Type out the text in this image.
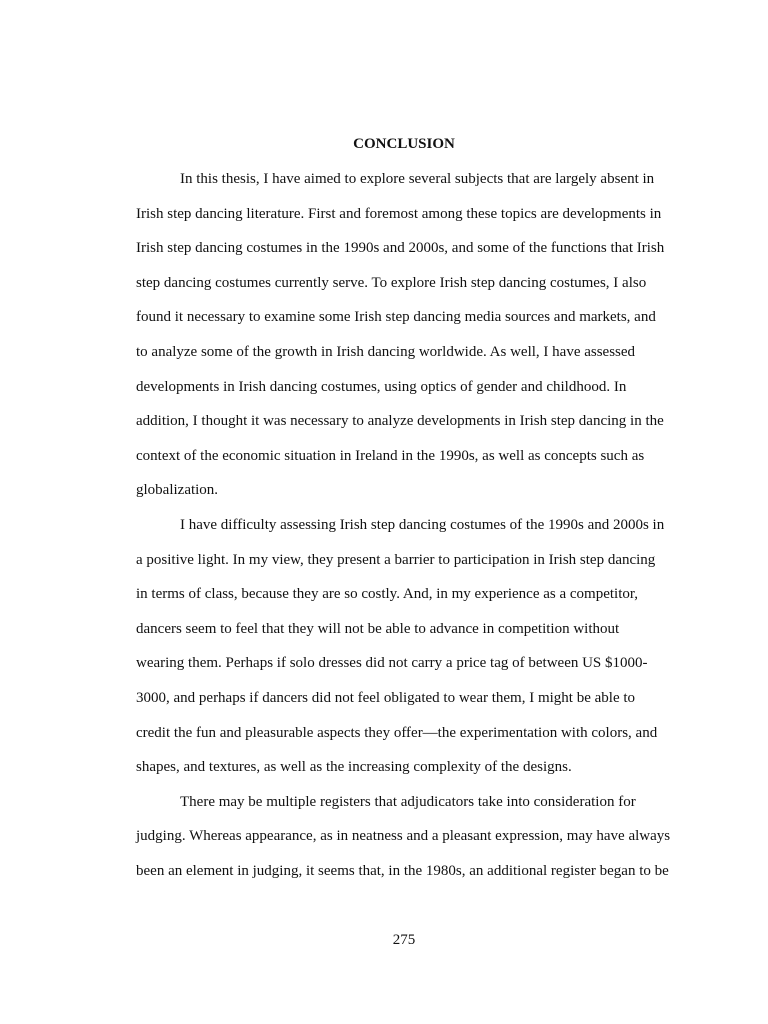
CONCLUSION
In this thesis, I have aimed to explore several subjects that are largely absent in
Irish step dancing literature. First and foremost among these topics are developments in
Irish step dancing costumes in the 1990s and 2000s, and some of the functions that Irish
step dancing costumes currently serve. To explore Irish step dancing costumes, I also
found it necessary to examine some Irish step dancing media sources and markets, and
to analyze some of the growth in Irish dancing worldwide. As well, I have assessed
developments in Irish dancing costumes, using optics of gender and childhood. In
addition, I thought it was necessary to analyze developments in Irish step dancing in the
context of the economic situation in Ireland in the 1990s, as well as concepts such as
globalization.
I have difficulty assessing Irish step dancing costumes of the 1990s and 2000s in
a positive light. In my view, they present a barrier to participation in Irish step dancing
in terms of class, because they are so costly. And, in my experience as a competitor,
dancers seem to feel that they will not be able to advance in competition without
wearing them. Perhaps if solo dresses did not carry a price tag of between US $1000-
3000, and perhaps if dancers did not feel obligated to wear them, I might be able to
credit the fun and pleasurable aspects they offer—the experimentation with colors, and
shapes, and textures, as well as the increasing complexity of the designs.
There may be multiple registers that adjudicators take into consideration for
judging. Whereas appearance, as in neatness and a pleasant expression, may have always
been an element in judging, it seems that, in the 1980s, an additional register began to be
275
